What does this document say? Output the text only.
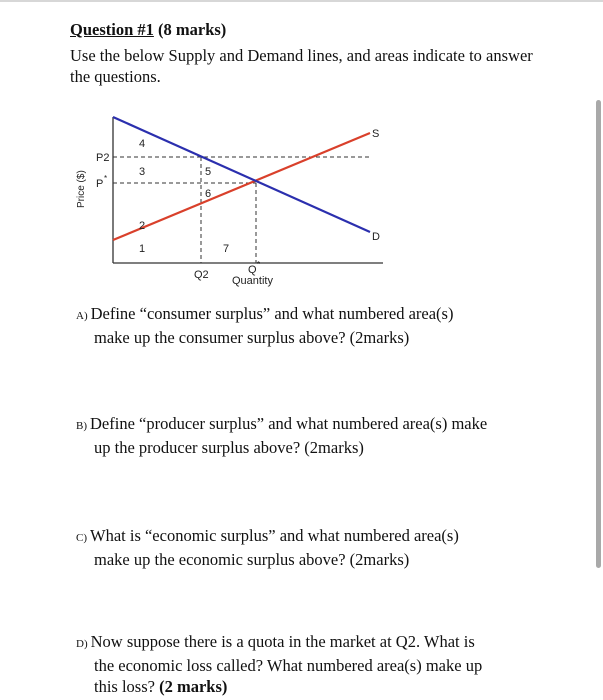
Question #1 (8 marks)
Use the below Supply and Demand lines, and areas indicate to answer the questions.
S
D
P2
P *
Q2	Q *
Quantity
Price ($)
4
3	5
6
2
1	7
A) Define “consumer surplus” and what numbered area(s)
make up the consumer surplus above? (2marks)
B) Define “producer surplus” and what numbered area(s) make
up the producer surplus above? (2marks)
C) What is “economic surplus” and what numbered area(s)
make up the economic surplus above? (2marks)
D) Now suppose there is a quota in the market at Q2. What is
the economic loss called? What numbered area(s) make up
this loss? (2 marks)
